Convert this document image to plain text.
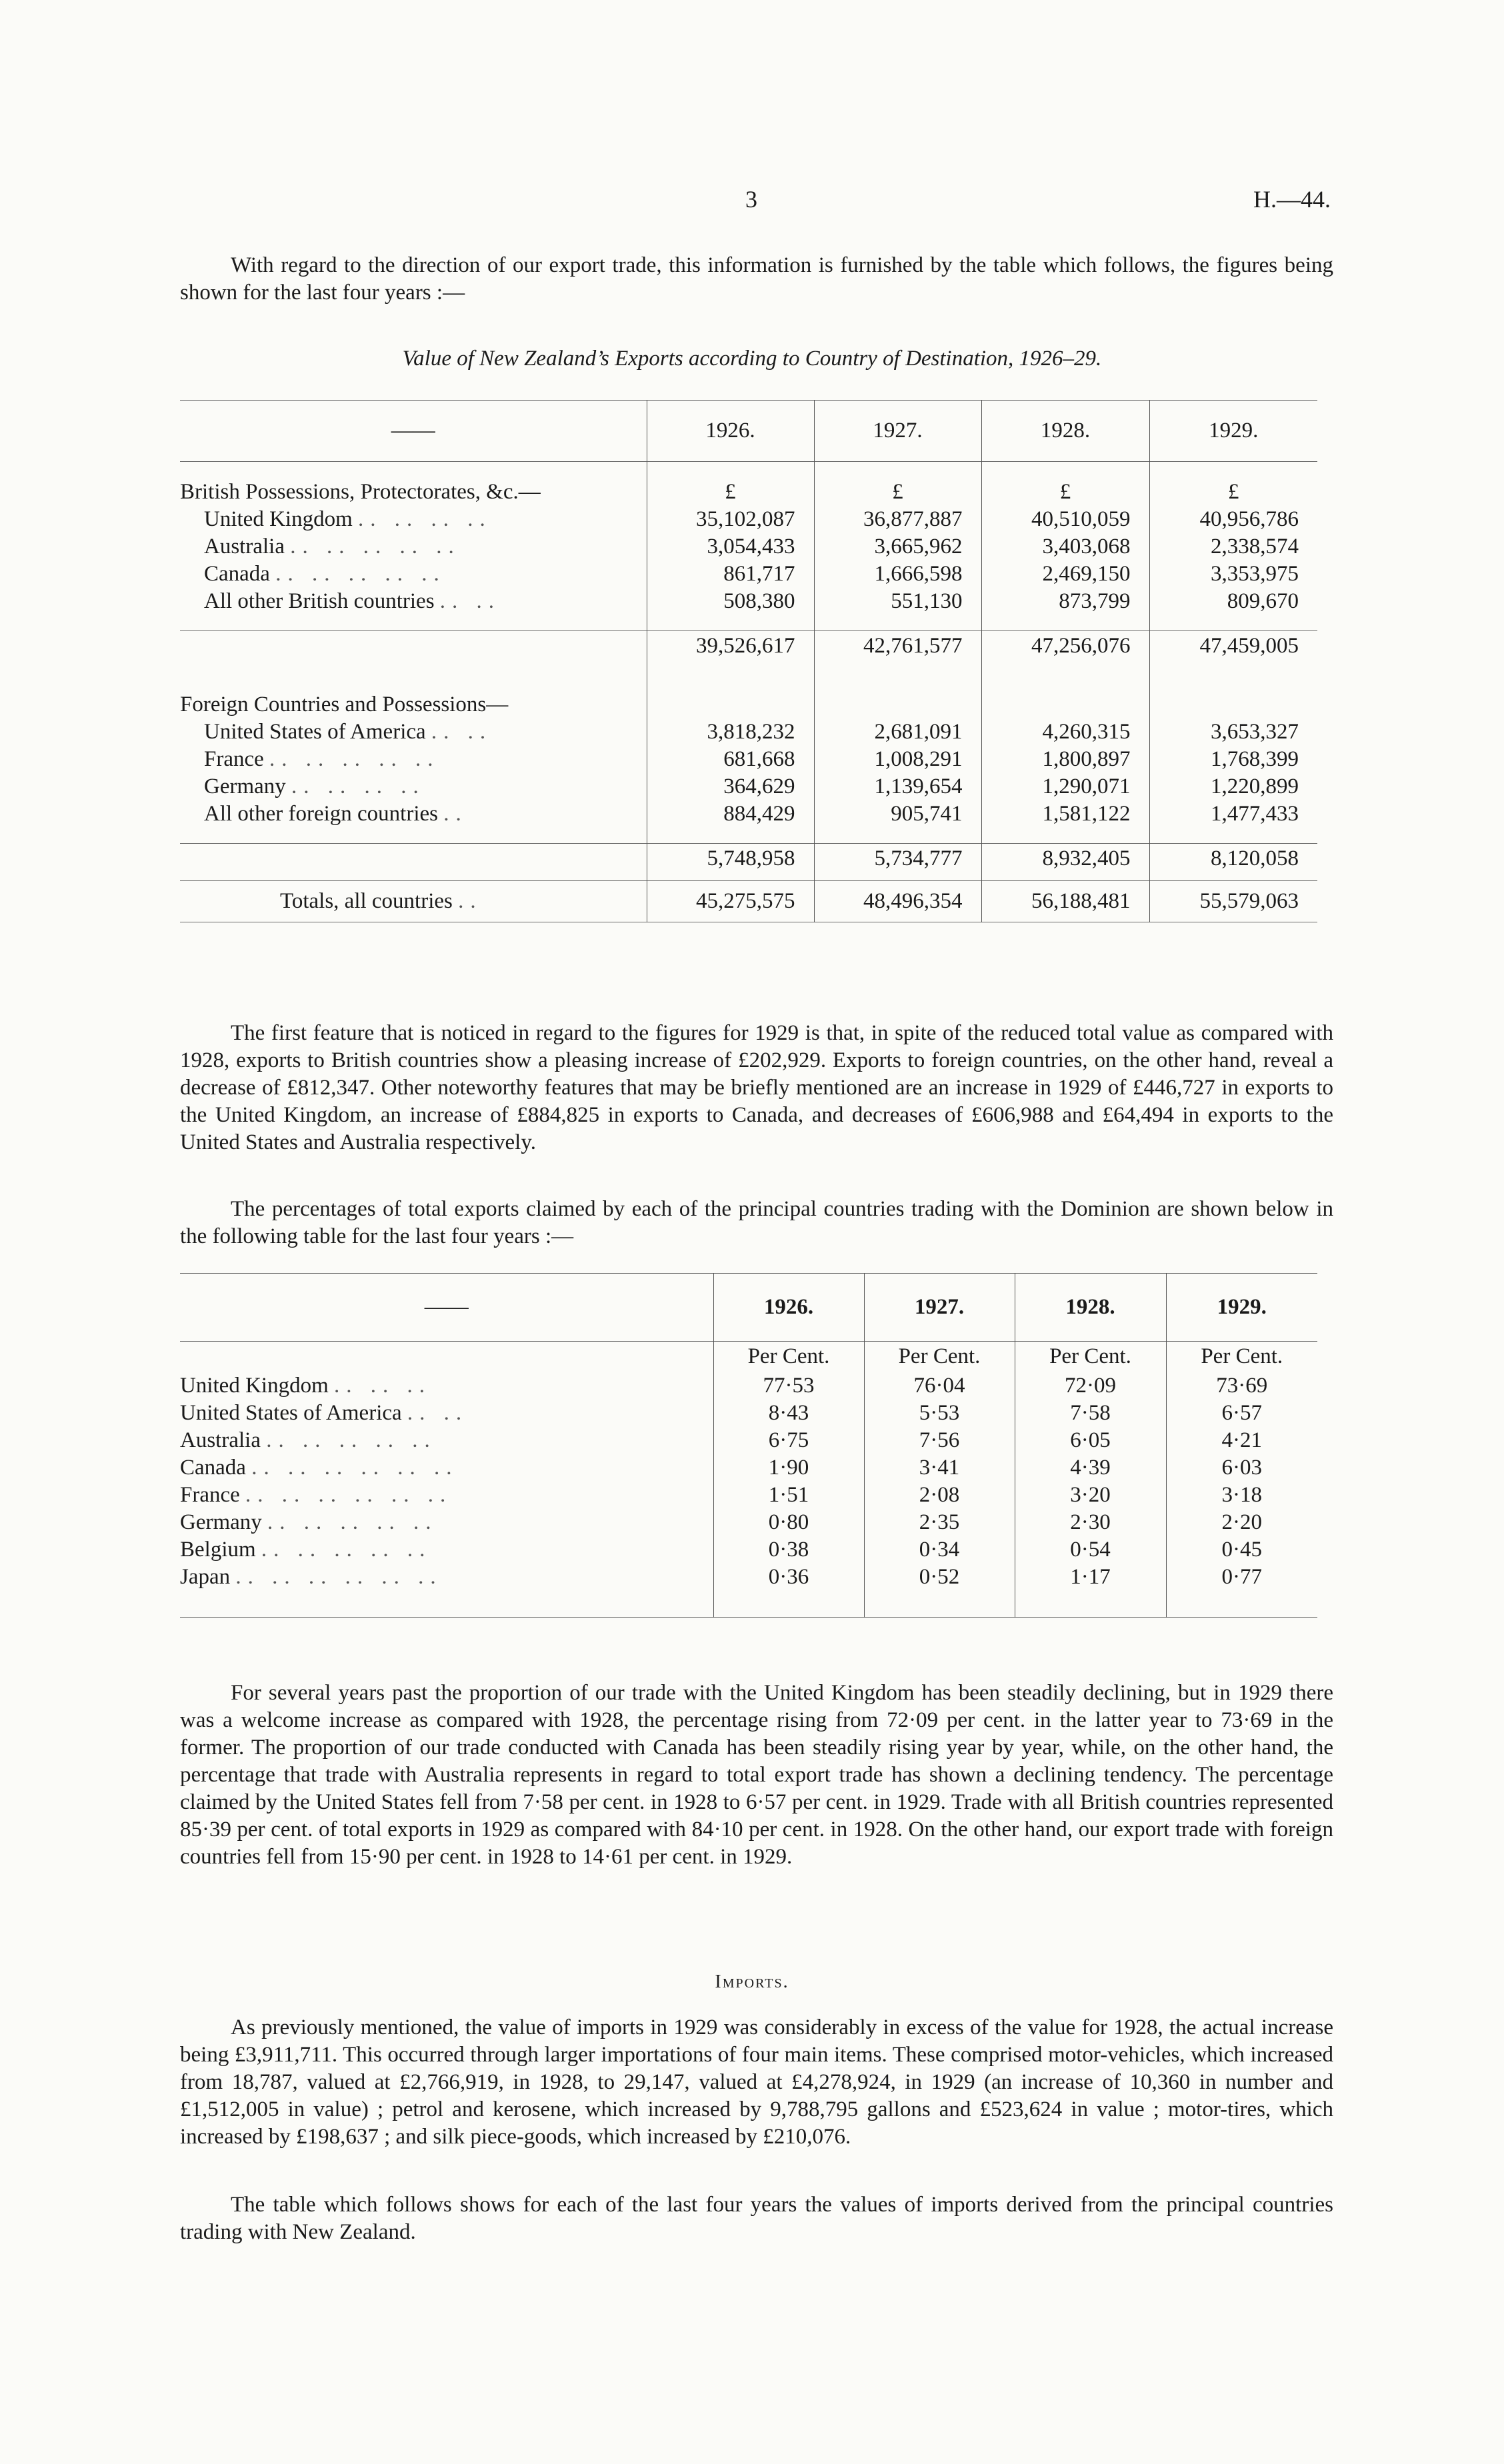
3	H.—44.

With regard to the direction of our export trade, this information is furnished by the table which follows, the figures being shown for the last four years :—

Value of New Zealand’s Exports according to Country of Destination, 1926–29.
——	1926.	1927.	1928.	1929.

British Possessions, Protectorates, &c.—	£	£	£	£
United Kingdom .. .. .. ..	35,102,087	36,877,887	40,510,059	40,956,786
Australia .. .. .. .. ..	3,054,433	3,665,962	3,403,068	2,338,574
Canada .. .. .. .. ..	861,717	1,666,598	2,469,150	3,353,975
All other British countries .. ..	508,380	551,130	873,799	809,670

	39,526,617	42,761,577	47,256,076	47,459,005

Foreign Countries and Possessions—				
United States of America .. ..	3,818,232	2,681,091	4,260,315	3,653,327
France .. .. .. .. ..	681,668	1,008,291	1,800,897	1,768,399
Germany .. .. .. ..	364,629	1,139,654	1,290,071	1,220,899
All other foreign countries ..	884,429	905,741	1,581,122	1,477,433

	5,748,958	5,734,777	8,932,405	8,120,058

Totals, all countries ..	45,275,575	48,496,354	56,188,481	55,579,063

The first feature that is noticed in regard to the figures for 1929 is that, in spite of the reduced total value as compared with 1928, exports to British countries show a pleasing increase of £202,929. Exports to foreign countries, on the other hand, reveal a decrease of £812,347. Other noteworthy features that may be briefly mentioned are an increase in 1929 of £446,727 in exports to the United Kingdom, an increase of £884,825 in exports to Canada, and decreases of £606,988 and £64,494 in exports to the United States and Australia respectively.

The percentages of total exports claimed by each of the principal countries trading with the Dominion are shown below in the following table for the last four years :—

——	1926.	1927.	1928.	1929.
	Per Cent.	Per Cent.	Per Cent.	Per Cent.
United Kingdom .. .. ..	77·53	76·04	72·09	73·69
United States of America .. ..	8·43	5·53	7·58	6·57
Australia .. .. .. .. ..	6·75	7·56	6·05	4·21
Canada .. .. .. .. .. ..	1·90	3·41	4·39	6·03
France .. .. .. .. .. ..	1·51	2·08	3·20	3·18
Germany .. .. .. .. ..	0·80	2·35	2·30	2·20
Belgium .. .. .. .. ..	0·38	0·34	0·54	0·45
Japan .. .. .. .. .. ..	0·36	0·52	1·17	0·77

For several years past the proportion of our trade with the United Kingdom has been steadily declining, but in 1929 there was a welcome increase as compared with 1928, the percentage rising from 72·09 per cent. in the latter year to 73·69 in the former. The proportion of our trade conducted with Canada has been steadily rising year by year, while, on the other hand, the percentage that trade with Australia represents in regard to total export trade has shown a declining tendency. The percentage claimed by the United States fell from 7·58 per cent. in 1928 to 6·57 per cent. in 1929. Trade with all British countries represented 85·39 per cent. of total exports in 1929 as compared with 84·10 per cent. in 1928. On the other hand, our export trade with foreign countries fell from 15·90 per cent. in 1928 to 14·61 per cent. in 1929.

Imports.

As previously mentioned, the value of imports in 1929 was considerably in excess of the value for 1928, the actual increase being £3,911,711. This occurred through larger importations of four main items. These comprised motor-vehicles, which increased from 18,787, valued at £2,766,919, in 1928, to 29,147, valued at £4,278,924, in 1929 (an increase of 10,360 in number and £1,512,005 in value) ; petrol and kerosene, which increased by 9,788,795 gallons and £523,624 in value ; motor-tires, which increased by £198,637 ; and silk piece-goods, which increased by £210,076.

The table which follows shows for each of the last four years the values of imports derived from the principal countries trading with New Zealand.
